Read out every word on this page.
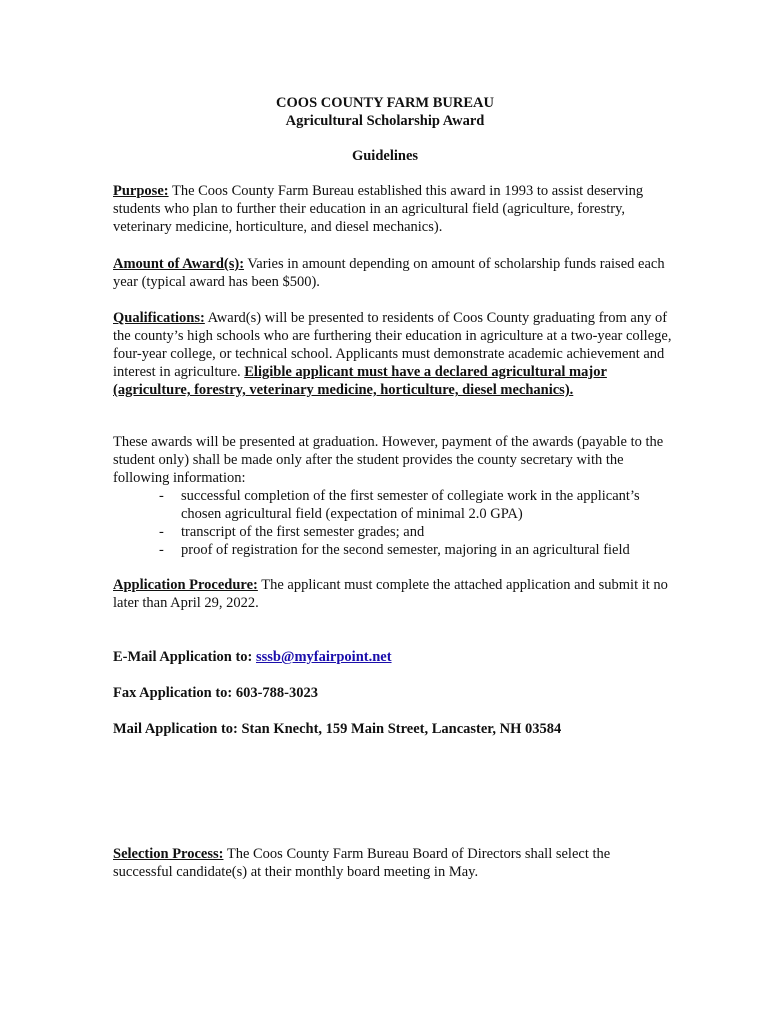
COOS COUNTY FARM BUREAU
Agricultural Scholarship Award
Guidelines
Purpose: The Coos County Farm Bureau established this award in 1993 to assist deserving students who plan to further their education in an agricultural field (agriculture, forestry, veterinary medicine, horticulture, and diesel mechanics).
Amount of Award(s): Varies in amount depending on amount of scholarship funds raised each year (typical award has been $500).
Qualifications: Award(s) will be presented to residents of Coos County graduating from any of the county’s high schools who are furthering their education in agriculture at a two-year college, four-year college, or technical school. Applicants must demonstrate academic achievement and interest in agriculture. Eligible applicant must have a declared agricultural major (agriculture, forestry, veterinary medicine, horticulture, diesel mechanics).
These awards will be presented at graduation. However, payment of the awards (payable to the student only) shall be made only after the student provides the county secretary with the following information:
- successful completion of the first semester of collegiate work in the applicant’s chosen agricultural field (expectation of minimal 2.0 GPA)
- transcript of the first semester grades; and
- proof of registration for the second semester, majoring in an agricultural field
Application Procedure: The applicant must complete the attached application and submit it no later than April 29, 2022.
E-Mail Application to: sssb@myfairpoint.net
Fax Application to: 603-788-3023
Mail Application to: Stan Knecht, 159 Main Street, Lancaster, NH 03584
Selection Process: The Coos County Farm Bureau Board of Directors shall select the successful candidate(s) at their monthly board meeting in May.
